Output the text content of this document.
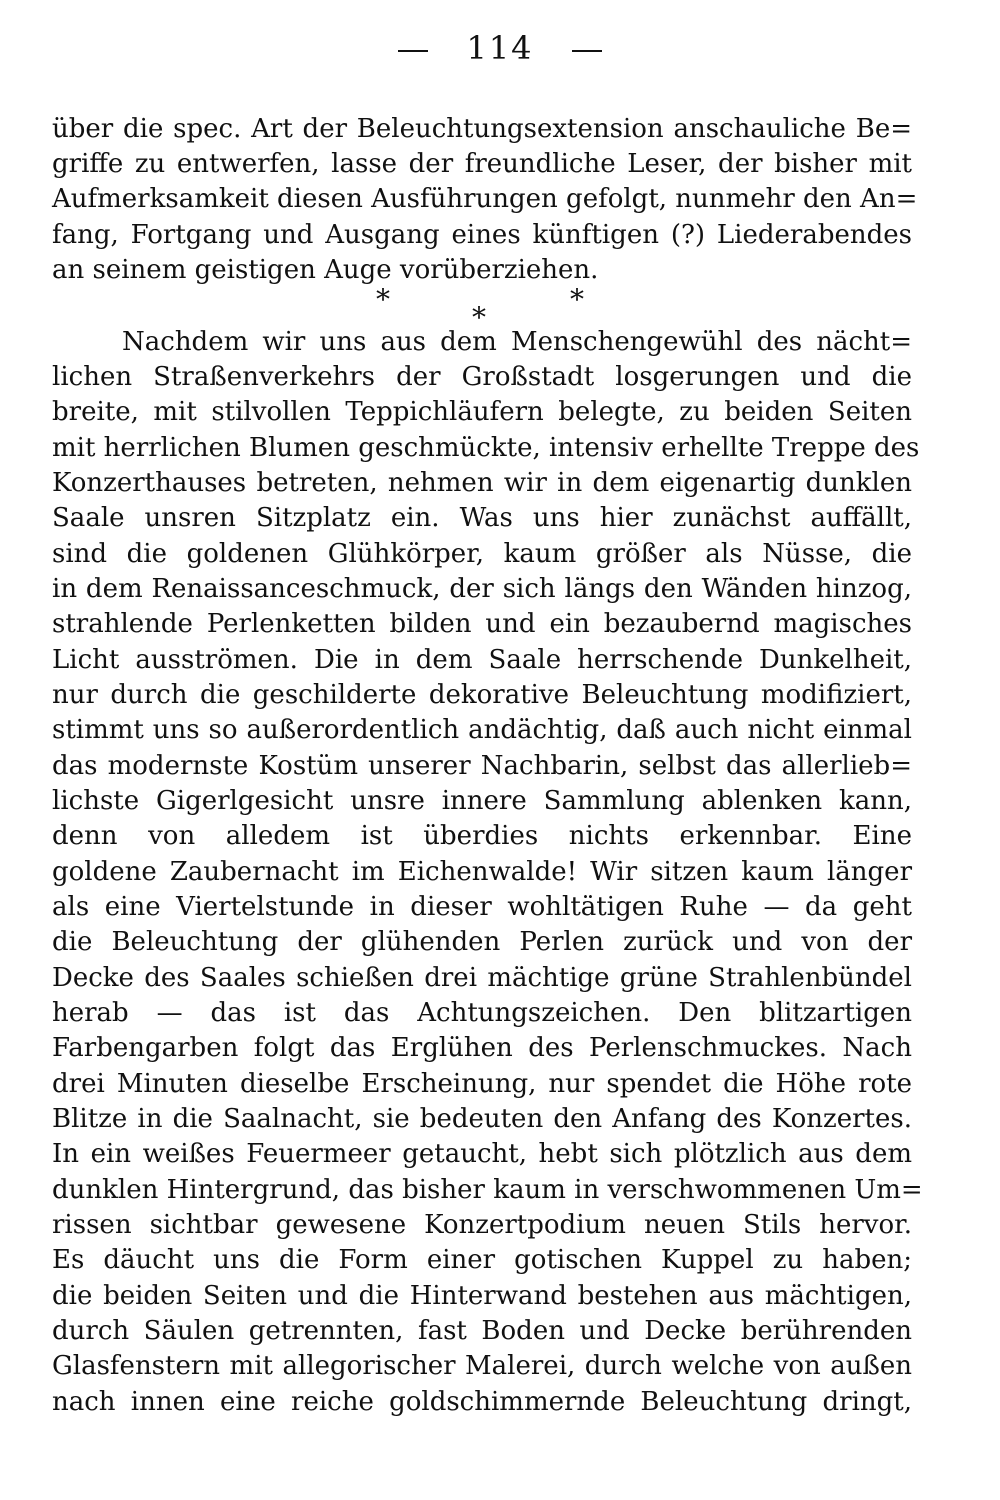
114
über die spec. Art der Beleuchtungsextension anschauliche Be=
griffe zu entwerfen, lasse der freundliche Leser, der bisher mit
Aufmerksamkeit diesen Ausführungen gefolgt, nunmehr den An=
fang, Fortgang und Ausgang eines künftigen (?) Liederabendes
an seinem geistigen Auge vorüberziehen.
*
*
*
Nachdem wir uns aus dem Menschengewühl des nächt=
lichen Straßenverkehrs der Großstadt losgerungen und die
breite, mit stilvollen Teppichläufern belegte, zu beiden Seiten
mit herrlichen Blumen geschmückte, intensiv erhellte Treppe des
Konzerthauses betreten, nehmen wir in dem eigenartig dunklen
Saale unsren Sitzplatz ein. Was uns hier zunächst auffällt,
sind die goldenen Glühkörper, kaum größer als Nüsse, die
in dem Renaissanceschmuck, der sich längs den Wänden hinzog,
strahlende Perlenketten bilden und ein bezaubernd magisches
Licht ausströmen. Die in dem Saale herrschende Dunkelheit,
nur durch die geschilderte dekorative Beleuchtung modifiziert,
stimmt uns so außerordentlich andächtig, daß auch nicht einmal
das modernste Kostüm unserer Nachbarin, selbst das allerlieb=
lichste Gigerlgesicht unsre innere Sammlung ablenken kann,
denn von alledem ist überdies nichts erkennbar. Eine
goldene Zaubernacht im Eichenwalde! Wir sitzen kaum länger
als eine Viertelstunde in dieser wohltätigen Ruhe — da geht
die Beleuchtung der glühenden Perlen zurück und von der
Decke des Saales schießen drei mächtige grüne Strahlenbündel
herab — das ist das Achtungszeichen. Den blitzartigen
Farbengarben folgt das Erglühen des Perlenschmuckes. Nach
drei Minuten dieselbe Erscheinung, nur spendet die Höhe rote
Blitze in die Saalnacht, sie bedeuten den Anfang des Konzertes.
In ein weißes Feuermeer getaucht, hebt sich plötzlich aus dem
dunklen Hintergrund, das bisher kaum in verschwommenen Um=
rissen sichtbar gewesene Konzertpodium neuen Stils hervor.
Es däucht uns die Form einer gotischen Kuppel zu haben;
die beiden Seiten und die Hinterwand bestehen aus mächtigen,
durch Säulen getrennten, fast Boden und Decke berührenden
Glasfenstern mit allegorischer Malerei, durch welche von außen
nach innen eine reiche goldschimmernde Beleuchtung dringt,
